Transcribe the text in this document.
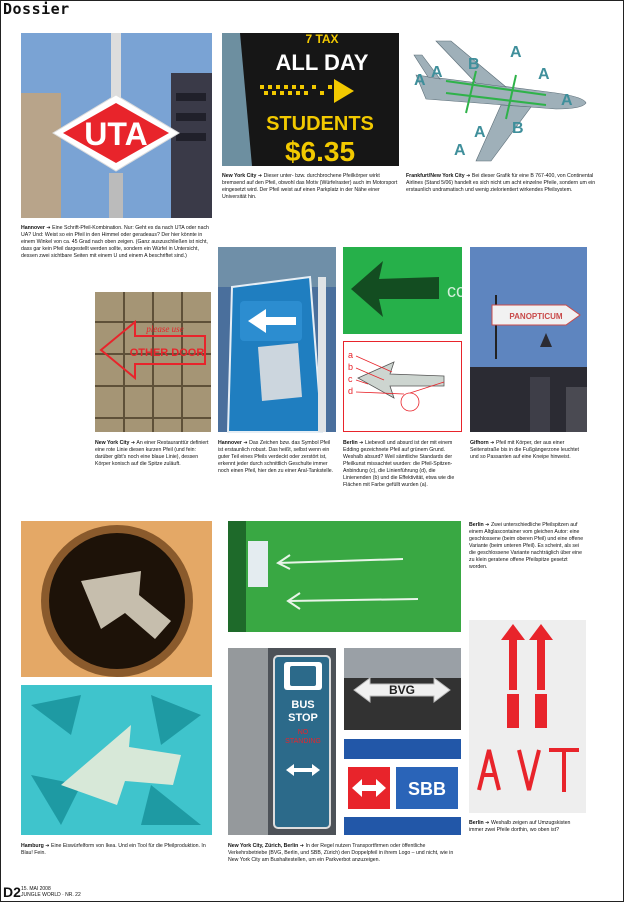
Dossier
UTA
Hannover ➜ Eine Schrift-Pfeil-Kombination. Nur: Geht es da nach UTA oder nach UA? Und: Weist so ein Pfeil in den Himmel oder geradeaus? Der hier könnte in einem Winkel von ca. 45 Grad nach oben zeigen. (Ganz auszuschließen ist nicht, dass gar kein Pfeil dargestellt werden sollte, sondern ein Würfel in Untersicht, dessen zwei sichtbare Seiten mit einem U und einem A beschriftet sind.)
7 TAX
ALL DAY
STUDENTS
$6.35
New York City ➜ Dieser unter- bzw. durchbrochene Pfeilkörper wirkt bremsend auf den Pfeil, obwohl das Motiv (Würfelraster) auch im Motorsport eingesetzt wird. Der Pfeil weist auf einen Parkplatz in der Nähe einer Universität hin.
A A B
A
A
A
B
A
A
Frankfurt/New York City ➜ Bei dieser Grafik für eine B 767-400, von Continental Airlines (Stand 5/06) handelt es sich nicht um acht einzelne Pfeile, sondern um ein erstaunlich undramatisch und wenig zielorientiert wirkendes Pfeilsystem.
please use
OTHER DOOR
New York City ➜ An einer Restauranttür definiert eine rote Linie diesen kurzen Pfeil (und fein: darüber gibt's noch eine blaue Linie), dessen Körper konisch auf die Spitze zuläuft.
Hannover ➜ Das Zeichen bzw. das Symbol Pfeil ist erstaunlich robust. Das heißt, selbst wenn ein guter Teil eines Pfeils verdeckt oder zerstört ist, erkennt jeder durch schnittlich Geschulte immer noch einen Pfeil, hier den zu einer Aral-Tankstelle.
cc
a
b
c
d
Berlin ➜ Liebevoll und absurd ist der mit einem Edding gezeichnete Pfeil auf grünem Grund. Weshalb absurd? Weil sämtliche Standards der Pfeilkunst missachtet wurden: die Pfeil-Spitzen-Anbindung (c), die Linienführung (d), die Linienenden (b) und die Effektivität, etwa wie die Flächen mit Farbe gefüllt wurden (a).
PANOPTICUM
Gifhorn ➜ Pfeil mit Körper, der aus einer Seitenstraße bis in die Fußgängerzone leuchtet und so Passanten auf eine Kneipe hinweist.
Hamburg ➜ Eine Eiswürfelform von Ikea. Und ein Tool für die Pfeilproduktion. In Blau! Fein.
BUS
STOP
NO
STANDING
BVG
SBB
New York City, Zürich, Berlin ➜ In der Regel nutzen Transportfirmen oder öffentliche Verkehrsbetriebe (BVG, Berlin, und SBB, Zürich) den Doppelpfeil in ihrem Logo – und nicht, wie in New York City am Bushaltestellen, um ein Parkverbot anzuzeigen.
Berlin ➜ Zwei unterschiedliche Pfeilspitzen auf einem Altglascontainer vom gleichen Autor: eine geschlossene (beim oberen Pfeil) und eine offene Variante (beim unteren Pfeil). Es scheint, als sei die geschlossene Variante nachträglich über eine zu klein geratene offene Pfeilspitze gesetzt worden.
Berlin ➜ Weshalb zeigen auf Umzugskisten immer zwei Pfeile dorthin, wo oben ist?
D2 15. MAI 2008
JUNGLE WORLD · NR. 22
